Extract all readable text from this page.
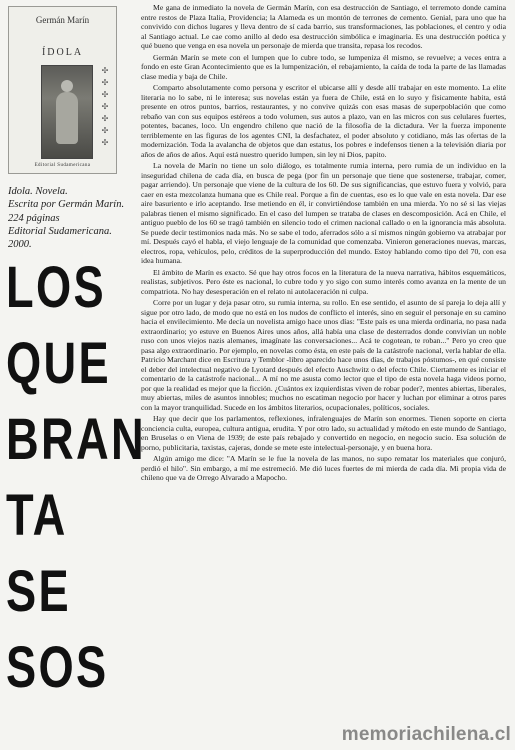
Germán Marín
ÍDOLA
✣
✣
✣
✣
✣
✣
✣
Editorial Sudamericana
Idola. Novela.
Escrita por Germán Marín.
224 páginas
Editorial Sudamericana.
2000.
LOS
QUE
BRAN
TA
SE
SOS

Me gana de inmediato la novela de Germán Marín, con esa destrucción de Santiago, el terremoto donde camina entre restos de Plaza Italia, Providencia; la Alameda es un montón de terrones de cemento. Genial, para uno que ha convivido con dichos lugares y lleva dentro de sí cada barrio, sus transformaciones, las poblaciones, el centro y odia al Santiago actual. Le cae como anillo al dedo esa destrucción simbólica e imaginaria. Es una destrucción poética y qué bueno que venga en esa novela un personaje de mierda que transita, repasa los recodos.

Germán Marín se mete con el lumpen que lo cubre todo, se lumpeniza él mismo, se revuelve; a veces entra a fondo en este Gran Acontecimiento que es la lumpenización, el rebajamiento, la caída de toda la parte de las llamadas clase media y baja de Chile.

Comparto absolutamente como persona y escritor el ubicarse allí y desde allí trabajar en este momento. La elite literaria no lo sabe, ni le interesa; sus novelas están ya fuera de Chile, está en lo suyo y físicamente habita, está presente en otros puntos, barrios, restaurantes, y no convive quizás con esas masas de superpoblación que como rebaño van con sus equipos estéreos a todo volumen, sus autos a plazo, van en las micros con sus celulares fuertes, potentes, bacanes, loco. Un engendro chileno que nació de la filosofía de la dictadura. Ver la fuerza imponente terriblemente en las figuras de los agentes CNI, la desfachatez, el poder absoluto y cotidiano, más las ofertas de la modernización. Toda la avalancha de objetos que dan estatus, los pobres e indefensos tienen a la televisión diaria por años de años de años. Aquí está nuestro querido lumpen, sin ley ni Dios, papito.

La novela de Marín no tiene un solo diálogo, es totalmente rumia interna, pero rumia de un individuo en la inseguridad chilena de cada día, en busca de pega (por fin un personaje que tiene que sostenerse, trabajar, comer, pagar arriendo). Un personaje que viene de la cultura de los 60. De sus significancias, que estuvo fuera y volvió, para caer en esta mezcolanza humana que es Chile real. Porque a fin de cuentas, eso es lo que vale en esta novela. Dar ese aire basuriento e irlo aceptando. Irse metiendo en él, ir convirtiéndose también en una mierda. Yo no sé si las viejas palabras tienen el mismo significado. En el caso del lumpen se trataba de clases en descomposición. Acá en Chile, el antiguo pueblo de los 60 se tragó también en silencio todo el crimen nacional callado o en la ignorancia más absoluta. Se puede decir testimonios nada más. No se sabe el todo, aferrados sólo a sí mismos ningún gobierno va atrabajar por mí. Después cayó el habla, el viejo lenguaje de la comunidad que comenzaba. Vinieron generaciones nuevas, marcas, electros, ropa, vehículos, pelo, créditos de la superproducción del mundo. Estoy hablando como tipo del 70, con esa idea humana.

El ámbito de Marín es exacto. Sé que hay otros focos en la literatura de la nueva narrativa, hábitos esquemáticos, realistas, subjetivos. Pero éste es nacional, lo cubre todo y yo sigo con sumo interés como avanza en la mente de un compatriota. No hay desesperación en el relato ni autolaceración ni culpa.

Corre por un lugar y deja pasar otro, su rumia interna, su rollo. En ese sentido, el asunto de sí pareja lo deja allí y sigue por otro lado, de modo que no está en los nudos de conflicto el interés, sino en seguir el personaje en su camino hacia el envilecimiento. Me decía un novelista amigo hace unos días: "Este país es una mierda ordinaria, no pasa nada extraordinario; yo estuve en Buenos Aires unos años, allá había una clase de desterrados donde convivían un noble ruso con unos viejos nazis alemanes, imagínate las conversaciones... Acá te cogotean, te roban..." Pero yo creo que pasa algo extraordinario. Por ejemplo, en novelas como ésta, en este país de la catástrofe nacional, verla hablar de ella. Patricio Marchant dice en Escritura y Temblor -libro aparecido hace unos días, de trabajos póstumos-, en qué consiste el deber del intelectual negativo de Lyotard después del efecto Auschwitz o del efecto Chile. Ciertamente es iniciar el comentario de la catástrofe nacional... A mí no me asusta como lector que el tipo de esta novela haga videos porno, por que la realidad es mejor que la ficción. ¿Cuántos ex izquierdistas viven de robar poder?, mentes abiertas, liberales, muy abiertas, miles de asuntos innobles; muchos no escatiman negocio por hacer y luchan por eliminar a otros pares con la mayor tranquilidad. Sucede en los ámbitos literarios, ocupacionales, políticos, sociales.

Hay que decir que los parlamentos, reflexiones, infralenguajes de Marín son enormes. Tienen soporte en cierta conciencia culta, europea, cultura antigua, erudita. Y por otro lado, su actualidad y método en este mundo de Santiago, en Bruselas o en Viena de 1939; de este país rebajado y convertido en negocio, en negocio sucio. Esa solución de porno, publicitaria, taxistas, cajeras, donde se mete este intelectual-personaje, y en buena hora.

Algún amigo me dice: "A Marín se le fue la novela de las manos, no supo rematar los materiales que conjuró, perdió el hilo". Sin embargo, a mí me estremeció. Me dió luces fuertes de mi mierda de cada día. Mi propia vida de chileno que va de Orrego Alvarado a Mapocho.

memoriachilena.cl
